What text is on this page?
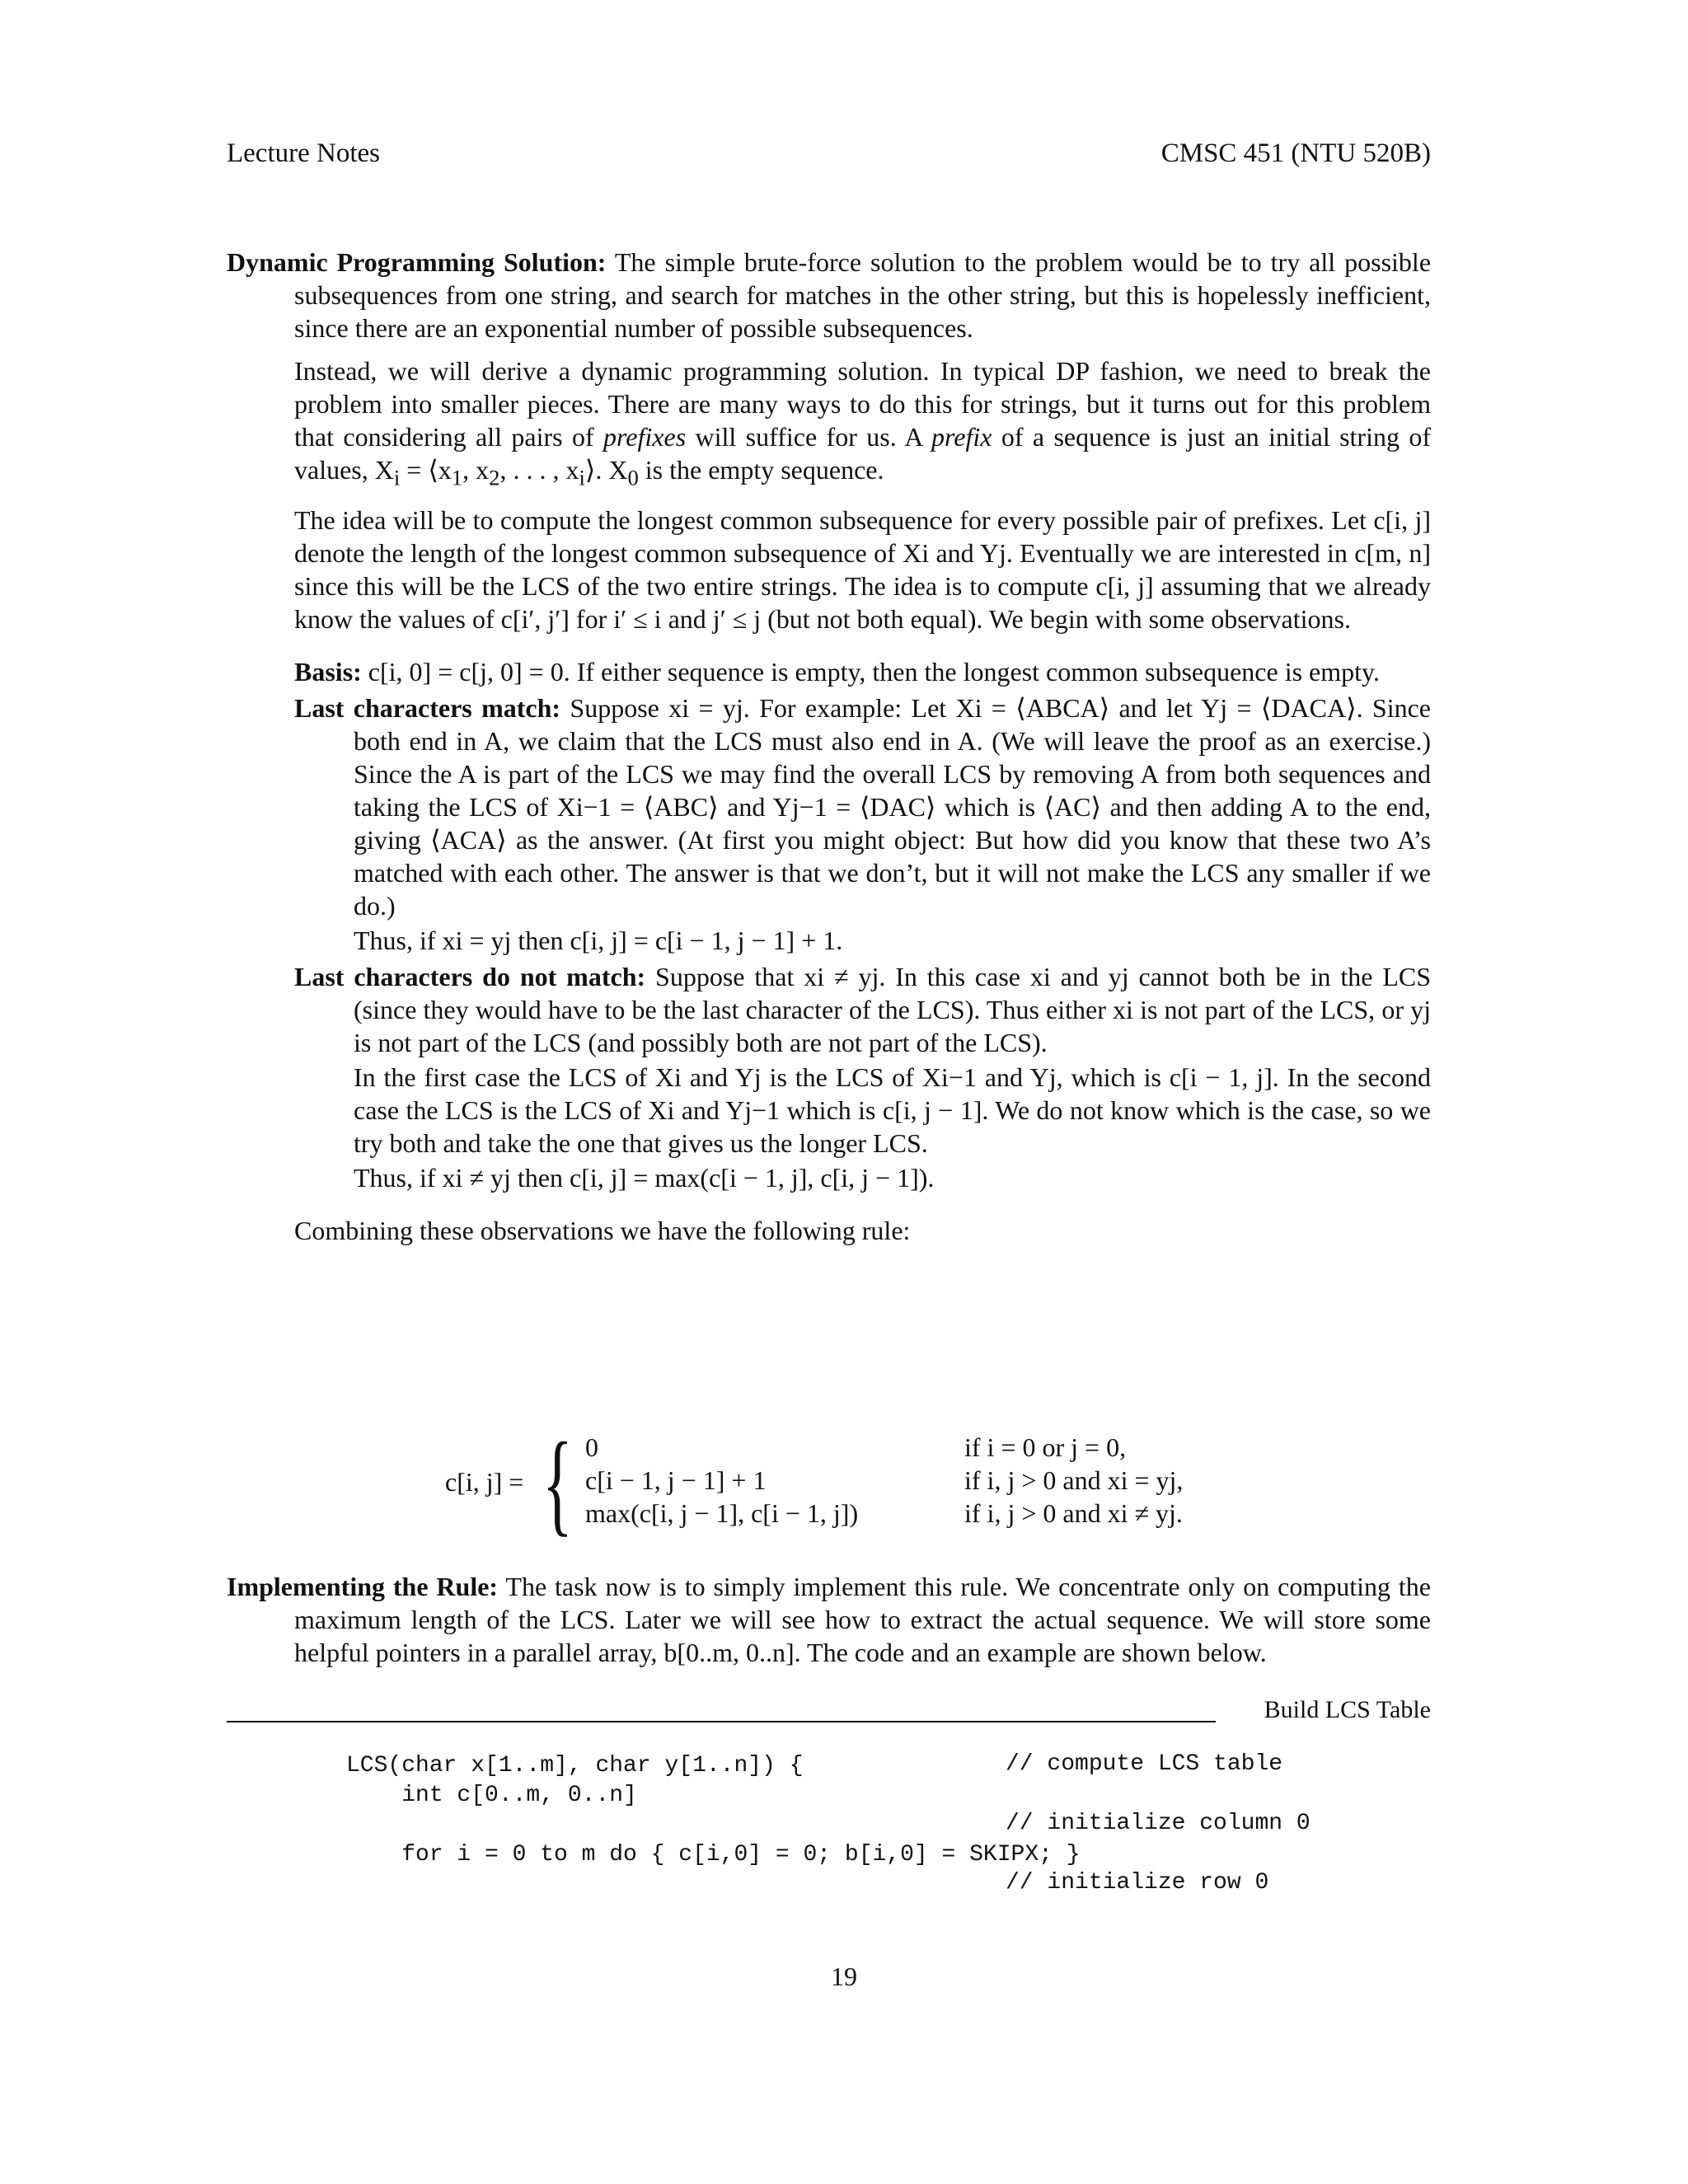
Lecture Notes	CMSC 451 (NTU 520B)

Dynamic Programming Solution: The simple brute-force solution to the problem would be to try all possible subsequences from one string, and search for matches in the other string, but this is hopelessly inefficient, since there are an exponential number of possible subsequences.

Instead, we will derive a dynamic programming solution. In typical DP fashion, we need to break the problem into smaller pieces. There are many ways to do this for strings, but it turns out for this problem that considering all pairs of prefixes will suffice for us. A prefix of a sequence is just an initial string of values, $X_i$ = $⟨x_1$, $x_2$, . . . , $x_i⟩$. $X_0$ is the empty sequence.

The idea will be to compute the longest common subsequence for every possible pair of prefixes. Let c[i, j] denote the length of the longest common subsequence of Xi and Yj. Eventually we are interested in c[m, n] since this will be the LCS of the two entire strings. The idea is to compute c[i, j] assuming that we already know the values of c[i′, j′] for i′ ≤ i and j′ ≤ j (but not both equal). We begin with some observations.

Basis: c[i, 0] = c[j, 0] = 0. If either sequence is empty, then the longest common subsequence is empty.

Last characters match: Suppose xi = yj. For example: Let Xi = ⟨ABCA⟩ and let Yj = ⟨DACA⟩. Since both end in A, we claim that the LCS must also end in A. (We will leave the proof as an exercise.) Since the A is part of the LCS we may find the overall LCS by removing A from both sequences and taking the LCS of Xi−1 = ⟨ABC⟩ and Yj−1 = ⟨DAC⟩ which is ⟨AC⟩ and then adding A to the end, giving ⟨ACA⟩ as the answer. (At first you might object: But how did you know that these two A’s matched with each other. The answer is that we don’t, but it will not make the LCS any smaller if we do.)

Thus, if xi = yj then c[i, j] = c[i − 1, j − 1] + 1.

Last characters do not match: Suppose that xi ≠ yj. In this case xi and yj cannot both be in the LCS (since they would have to be the last character of the LCS). Thus either xi is not part of the LCS, or yj is not part of the LCS (and possibly both are not part of the LCS).

In the first case the LCS of Xi and Yj is the LCS of Xi−1 and Yj, which is c[i − 1, j]. In the second case the LCS is the LCS of Xi and Yj−1 which is c[i, j − 1]. We do not know which is the case, so we try both and take the one that gives us the longer LCS.

Thus, if xi ≠ yj then c[i, j] = max(c[i − 1, j], c[i, j − 1]).

Combining these observations we have the following rule:

c[i, j] = { 0	if i = 0 or j = 0,
c[i − 1, j − 1] + 1	if i, j > 0 and xi = yj,
max(c[i, j − 1], c[i − 1, j])	if i, j > 0 and xi ≠ yj.

Implementing the Rule: The task now is to simply implement this rule. We concentrate only on computing the maximum length of the LCS. Later we will see how to extract the actual sequence. We will store some helpful pointers in a parallel array, b[0..m, 0..n]. The code and an example are shown below.

Build LCS Table
LCS(char x[1..m], char y[1..n]) {
int c[0..m, 0..n]

for i = 0 to m do { c[i,0] = 0; b[i,0] = SKIPX; }

// compute LCS table
// initialize column 0
// initialize row 0
19
